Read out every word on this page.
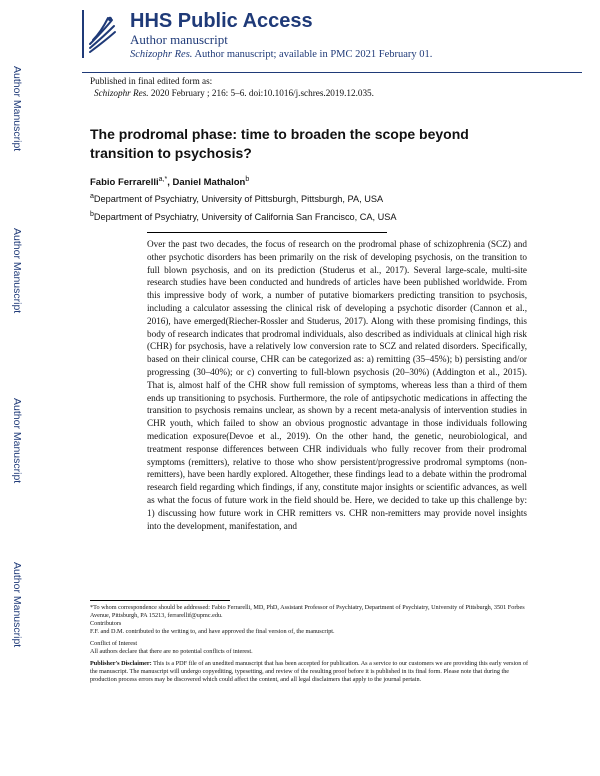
Author Manuscript
Author Manuscript
Author Manuscript
Author Manuscript
HHS Public Access
Author manuscript
Schizophr Res. Author manuscript; available in PMC 2021 February 01.
Published in final edited form as:
Schizophr Res. 2020 February ; 216: 5–6. doi:10.1016/j.schres.2019.12.035.
The prodromal phase: time to broaden the scope beyond transition to psychosis?
Fabio Ferrarelli$^{a,*}$, Daniel Mathalon$^b$
$^a$Department of Psychiatry, University of Pittsburgh, Pittsburgh, PA, USA
$^b$Department of Psychiatry, University of California San Francisco, CA, USA
Over the past two decades, the focus of research on the prodromal phase of schizophrenia (SCZ) and other psychotic disorders has been primarily on the risk of developing psychosis, on the transition to full blown psychosis, and on its prediction (Studerus et al., 2017). Several large-scale, multi-site research studies have been conducted and hundreds of articles have been published worldwide. From this impressive body of work, a number of putative biomarkers predicting transition to psychosis, including a calculator assessing the clinical risk of developing a psychotic disorder (Cannon et al., 2016), have emerged(Riecher-Rossler and Studerus, 2017). Along with these promising findings, this body of research indicates that prodromal individuals, also described as individuals at clinical high risk (CHR) for psychosis, have a relatively low conversion rate to SCZ and related disorders. Specifically, based on their clinical course, CHR can be categorized as: a) remitting (35–45%); b) persisting and/or progressing (30–40%); or c) converting to full-blown psychosis (20–30%) (Addington et al., 2015). That is, almost half of the CHR show full remission of symptoms, whereas less than a third of them ends up transitioning to psychosis. Furthermore, the role of antipsychotic medications in affecting the transition to psychosis remains unclear, as shown by a recent meta-analysis of intervention studies in CHR youth, which failed to show an obvious prognostic advantage in those individuals following medication exposure(Devoe et al., 2019). On the other hand, the genetic, neurobiological, and treatment response differences between CHR individuals who fully recover from their prodromal symptoms (remitters), relative to those who show persistent/progressive prodromal symptoms (non-remitters), have been hardly explored. Altogether, these findings lead to a debate within the prodromal research field regarding which findings, if any, constitute major insights or scientific advances, as well as what the focus of future work in the field should be. Here, we decided to take up this challenge by: 1) discussing how future work in CHR remitters vs. CHR non-remitters may provide novel insights into the development, manifestation, and
*To whom correspondence should be addressed: Fabio Ferrarelli, MD, PhD, Assistant Professor of Psychiatry, Department of Psychiatry, University of Pittsburgh, 3501 Forbes Avenue, Pittsburgh, PA 15213, ferrarellif@upmc.edu.
Contributors
F.F. and D.M. contributed to the writing to, and have approved the final version of, the manuscript.
Conflict of Interest
All authors declare that there are no potential conflicts of interest.
Publisher's Disclaimer: This is a PDF file of an unedited manuscript that has been accepted for publication. As a service to our customers we are providing this early version of the manuscript. The manuscript will undergo copyediting, typesetting, and review of the resulting proof before it is published in its final form. Please note that during the production process errors may be discovered which could affect the content, and all legal disclaimers that apply to the journal pertain.
